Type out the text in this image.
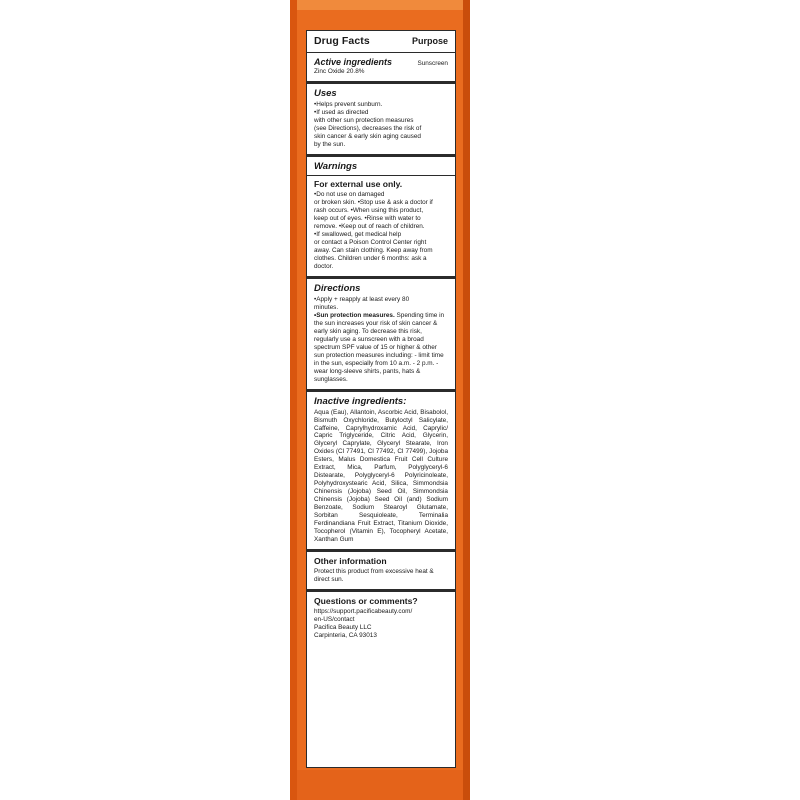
Drug Facts	Purpose
Active ingredients	Sunscreen
Zinc Oxide 20.8%
Uses

•Helps prevent sunburn.

•If used as directed

with other sun protection measures

(see Directions), decreases the risk of

skin cancer & early skin aging caused

by the sun.

Warnings
For external use only.

•Do not use on damaged

or broken skin. •Stop use & ask a doctor if

rash occurs. •When using this product,

keep out of eyes. •Rinse with water to

remove. •Keep out of reach of children.

•If swallowed, get medical help

or contact a Poison Control Center right

away. Can stain clothing. Keep away from

clothes. Children under 6 months: ask a

doctor.

Directions

•Apply + reapply at least every 80

minutes.

•Sun protection measures. Spending time in the sun increases your risk of skin cancer & early skin aging. To decrease this risk, regularly use a sunscreen with a broad spectrum SPF value of 15 or higher & other sun protection measures including: - limit time in the sun, especially from 10 a.m. - 2 p.m. - wear long-sleeve shirts, pants, hats & sunglasses.

Inactive ingredients:
Aqua (Eau), Allantoin, Ascorbic Acid, Bisabolol, Bismuth Oxychloride, Butyloctyl Salicylate, Caffeine, Caprylhydroxamic Acid, Caprylic/ Capric Triglyceride, Citric Acid, Glycerin, Glyceryl Caprylate, Glyceryl Stearate, Iron Oxides (Cl 77491, Cl 77492, Cl 77499), Jojoba Esters, Malus Domestica Fruit Cell Culture Extract, Mica, Parfum, Polyglyceryl-6 Distearate, Polyglyceryl-6 Polyricinoleate, Polyhydroxystearic Acid, Silica, Simmondsia Chinensis (Jojoba) Seed Oil, Simmondsia Chinensis (Jojoba) Seed Oil (and) Sodium Benzoate, Sodium Stearoyl Glutamate, Sorbitan Sesquioleate, Terminalia Ferdinandiana Fruit Extract, Titanium Dioxide, Tocopherol (Vitamin E), Tocopheryl Acetate, Xanthan Gum
Other information

Protect this product from excessive heat &

direct sun.

Questions or comments?

https://support.pacificabeauty.com/

en-US/contact

Pacifica Beauty LLC

Carpinteria, CA 93013
